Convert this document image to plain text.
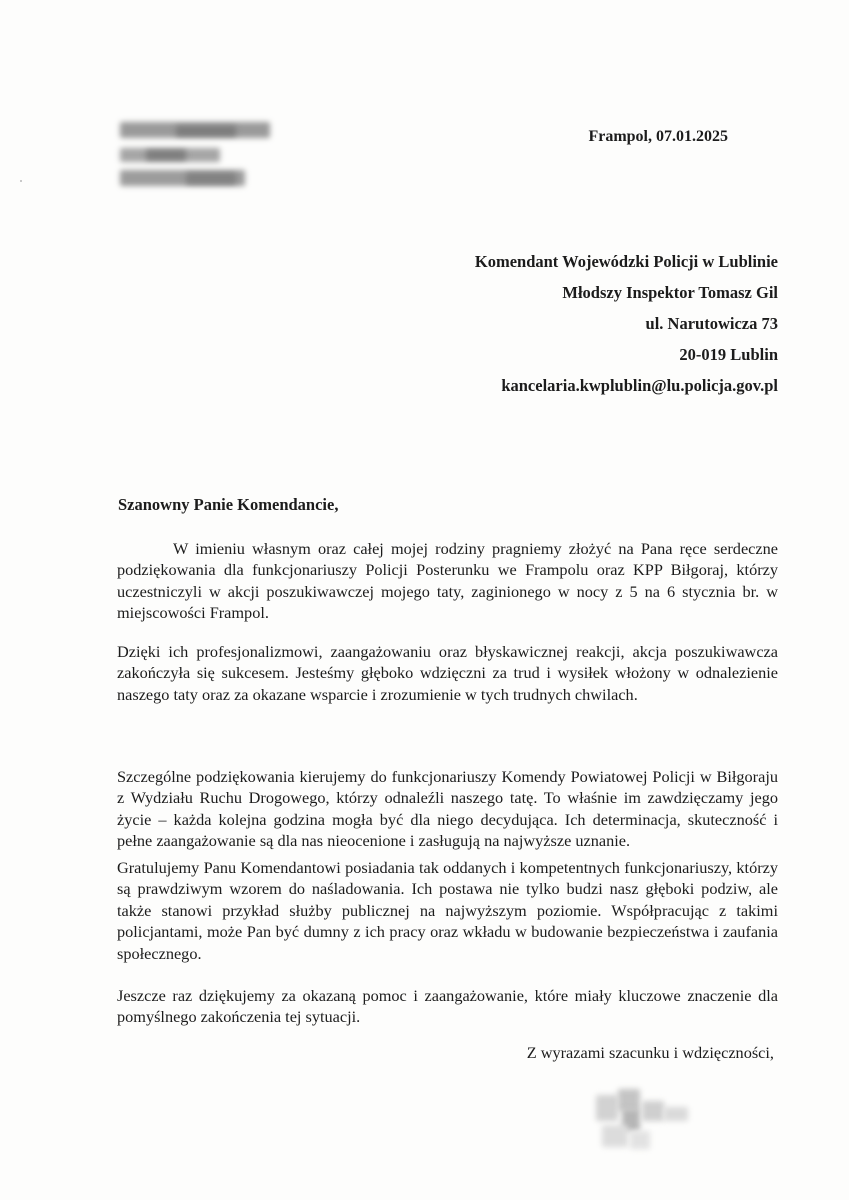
Frampol, 07.01.2025
Komendant Wojewódzki Policji w Lublinie
Młodszy Inspektor Tomasz Gil
ul. Narutowicza 73
20-019 Lublin
kancelaria.kwplublin@lu.policja.gov.pl
Szanowny Panie Komendancie,

W imieniu własnym oraz całej mojej rodziny pragniemy złożyć na Pana ręce serdeczne podziękowania dla funkcjonariuszy Policji Posterunku we Frampolu oraz KPP Biłgoraj, którzy uczestniczyli w akcji poszukiwawczej mojego taty, zaginionego w nocy z 5 na 6 stycznia br. w miejscowości Frampol.

Dzięki ich profesjonalizmowi, zaangażowaniu oraz błyskawicznej reakcji, akcja poszukiwawcza zakończyła się sukcesem. Jesteśmy głęboko wdzięczni za trud i wysiłek włożony w odnalezienie naszego taty oraz za okazane wsparcie i zrozumienie w tych trudnych chwilach.

Szczególne podziękowania kierujemy do funkcjonariuszy Komendy Powiatowej Policji w Biłgoraju z Wydziału Ruchu Drogowego, którzy odnaleźli naszego tatę. To właśnie im zawdzięczamy jego życie – każda kolejna godzina mogła być dla niego decydująca. Ich determinacja, skuteczność i pełne zaangażowanie są dla nas nieocenione i zasługują na najwyższe uznanie.

Gratulujemy Panu Komendantowi posiadania tak oddanych i kompetentnych funkcjonariuszy, którzy są prawdziwym wzorem do naśladowania. Ich postawa nie tylko budzi nasz głęboki podziw, ale także stanowi przykład służby publicznej na najwyższym poziomie. Współpracując z takimi policjantami, może Pan być dumny z ich pracy oraz wkładu w budowanie bezpieczeństwa i zaufania społecznego.

Jeszcze raz dziękujemy za okazaną pomoc i zaangażowanie, które miały kluczowe znaczenie dla pomyślnego zakończenia tej sytuacji.

Z wyrazami szacunku i wdzięczności,
